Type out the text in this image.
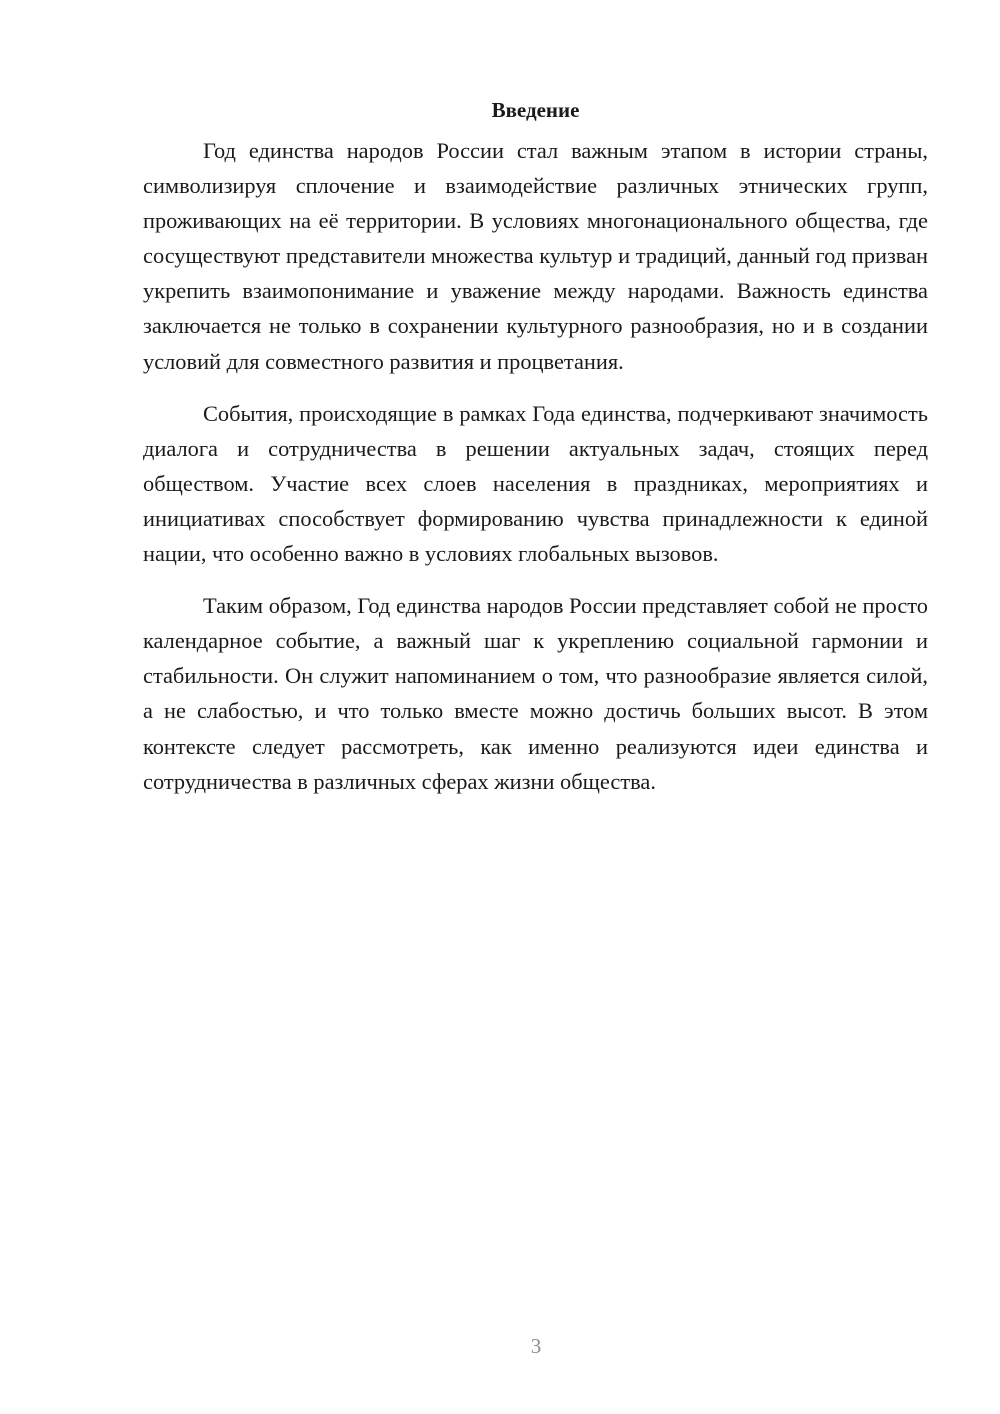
Введение

Год единства народов России стал важным этапом в истории страны, символизируя сплочение и взаимодействие различных этнических групп, проживающих на её территории. В условиях многонационального общества, где сосуществуют представители множества культур и традиций, данный год призван укрепить взаимопонимание и уважение между народами. Важность единства заключается не только в сохранении культурного разнообразия, но и в создании условий для совместного развития и процветания.

События, происходящие в рамках Года единства, подчеркивают значимость диалога и сотрудничества в решении актуальных задач, стоящих перед обществом. Участие всех слоев населения в праздниках, мероприятиях и инициативах способствует формированию чувства принадлежности к единой нации, что особенно важно в условиях глобальных вызовов.

Таким образом, Год единства народов России представляет собой не просто календарное событие, а важный шаг к укреплению социальной гармонии и стабильности. Он служит напоминанием о том, что разнообразие является силой, а не слабостью, и что только вместе можно достичь больших высот. В этом контексте следует рассмотреть, как именно реализуются идеи единства и сотрудничества в различных сферах жизни общества.

3
